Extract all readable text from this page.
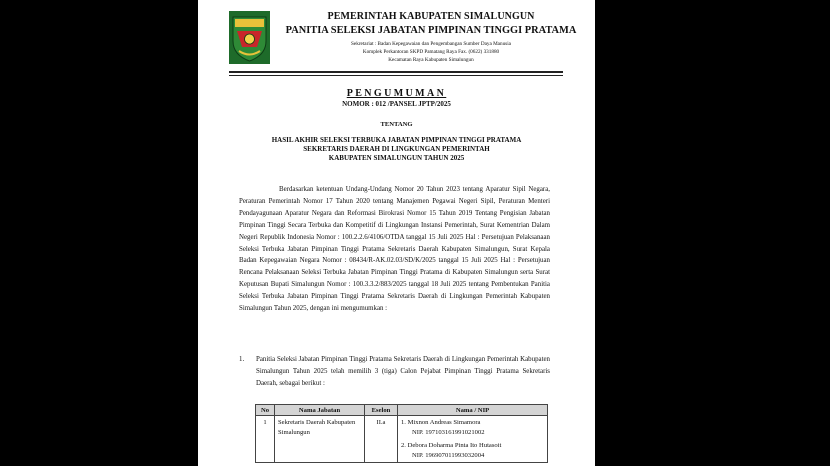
PEMERINTAH KABUPATEN SIMALUNGUN
PANITIA SELEKSI JABATAN PIMPINAN TINGGI PRATAMA
Sekretariat : Badan Kepegawaian dan Pengembangan Sumber Daya Manusia
Komplek Perkantoran SKPD Pamatang Raya Fax. (0622) 331880
Kecamatan Raya Kabupaten Simalungun
PENGUMUMAN
NOMOR : 012 /PANSEL JPTP/2025
TENTANG
HASIL AKHIR SELEKSI TERBUKA JABATAN PIMPINAN TINGGI PRATAMA
SEKRETARIS DAERAH DI LINGKUNGAN PEMERINTAH
KABUPATEN SIMALUNGUN TAHUN 2025
Berdasarkan ketentuan Undang-Undang Nomor 20 Tahun 2023 tentang Aparatur Sipil Negara, Peraturan Pemerintah Nomor 17 Tahun 2020 tentang Manajemen Pegawai Negeri Sipil, Peraturan Menteri Pendayagunaan Aparatur Negara dan Reformasi Birokrasi Nomor 15 Tahun 2019 Tentang Pengisian Jabatan Pimpinan Tinggi Secara Terbuka dan Kompetitif di Lingkungan Instansi Pemerintah, Surat Kementrian Dalam Negeri Republik Indonesia Nomor : 100.2.2.6/4106/OTDA tanggal 15 Juli 2025 Hal : Persetujuan Pelaksanaan Seleksi Terbuka Jabatan Pimpinan Tinggi Pratama Sekretaris Daerah Kabupaten Simalungun, Surat Kepala Badan Kepegawaian Negara Nomor : 08434/R-AK.02.03/SD/K/2025 tanggal 15 Juli 2025 Hal : Persetujuan Rencana Pelaksanaan Seleksi Terbuka Jabatan Pimpinan Tinggi Pratama di Kabupaten Simalungun serta Surat Keputusan Bupati Simalungun Nomor : 100.3.3.2/883/2025 tanggal 18 Juli 2025 tentang Pembentukan Panitia Seleksi Terbuka Jabatan Pimpinan Tinggi Pratama Sekretaris Daerah di Lingkungan Pemerintah Kabupaten Simalungun Tahun 2025, dengan ini mengumumkan :
1. Panitia Seleksi Jabatan Pimpinan Tinggi Pratama Sekretaris Daerah di Lingkungan Pemerintah Kabupaten Simalungun Tahun 2025 telah memilih 3 (tiga) Calon Pejabat Pimpinan Tinggi Pratama Sekretaris Daerah, sebagai berikut :
No	Nama Jabatan	Eselon	Nama / NIP
1	Sekretaris Daerah Kabupaten Simalungun	II.a	1. Mixnon Andreas Simamora
NIP. 197103161991021002
2. Debora Doharma Pinta Ito Hutasoit
NIP. 196907011993032004
